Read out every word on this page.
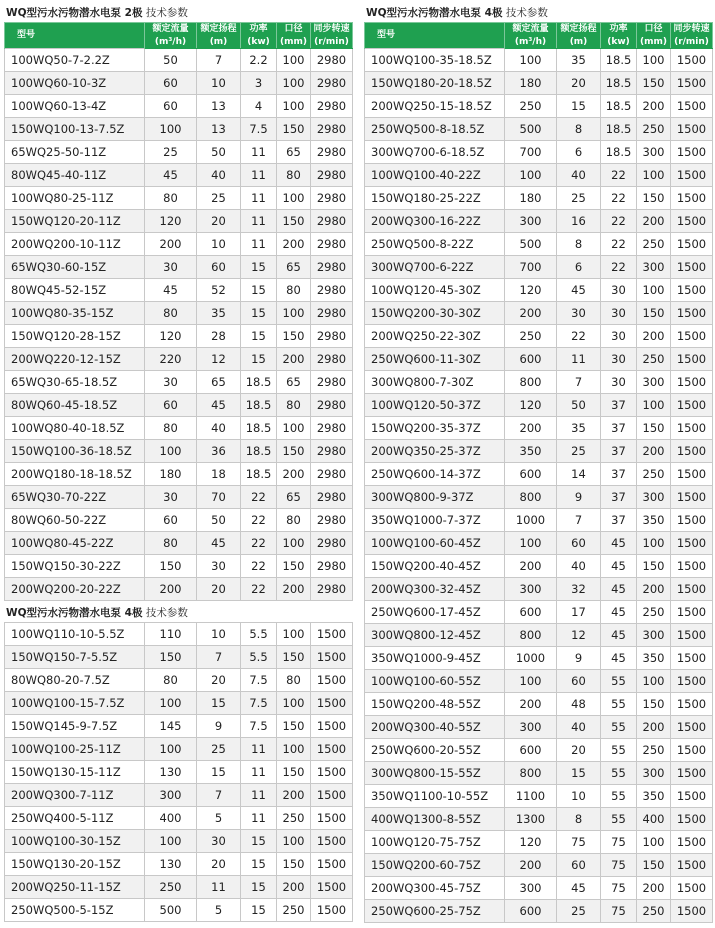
WQ型污水污物潜水电泵 2极 技术参数
型号	额定流量	额定扬程	功率	口径	同步转速
	(m³/h)	(m)	(kw)	(mm)	(r/min)
100WQ50-7-2.2Z	50	7	2.2	100	2980
100WQ60-10-3Z	60	10	3	100	2980
100WQ60-13-4Z	60	13	4	100	2980
150WQ100-13-7.5Z	100	13	7.5	150	2980
65WQ25-50-11Z	25	50	11	65	2980
80WQ45-40-11Z	45	40	11	80	2980
100WQ80-25-11Z	80	25	11	100	2980
150WQ120-20-11Z	120	20	11	150	2980
200WQ200-10-11Z	200	10	11	200	2980
65WQ30-60-15Z	30	60	15	65	2980
80WQ45-52-15Z	45	52	15	80	2980
100WQ80-35-15Z	80	35	15	100	2980
150WQ120-28-15Z	120	28	15	150	2980
200WQ220-12-15Z	220	12	15	200	2980
65WQ30-65-18.5Z	30	65	18.5	65	2980
80WQ60-45-18.5Z	60	45	18.5	80	2980
100WQ80-40-18.5Z	80	40	18.5	100	2980
150WQ100-36-18.5Z	100	36	18.5	150	2980
200WQ180-18-18.5Z	180	18	18.5	200	2980
65WQ30-70-22Z	30	70	22	65	2980
80WQ60-50-22Z	60	50	22	80	2980
100WQ80-45-22Z	80	45	22	100	2980
150WQ150-30-22Z	150	30	22	150	2980
200WQ200-20-22Z	200	20	22	200	2980
WQ型污水污物潜水电泵 4极 技术参数
100WQ110-10-5.5Z	110	10	5.5	100	1500
150WQ150-7-5.5Z	150	7	5.5	150	1500
80WQ80-20-7.5Z	80	20	7.5	80	1500
100WQ100-15-7.5Z	100	15	7.5	100	1500
150WQ145-9-7.5Z	145	9	7.5	150	1500
100WQ100-25-11Z	100	25	11	100	1500
150WQ130-15-11Z	130	15	11	150	1500
200WQ300-7-11Z	300	7	11	200	1500
250WQ400-5-11Z	400	5	11	250	1500
100WQ100-30-15Z	100	30	15	100	1500
150WQ130-20-15Z	130	20	15	150	1500
200WQ250-11-15Z	250	11	15	200	1500
250WQ500-5-15Z	500	5	15	250	1500
WQ型污水污物潜水电泵 4极 技术参数
型号	额定流量	额定扬程	功率	口径	同步转速
	(m³/h)	(m)	(kw)	(mm)	(r/min)
100WQ100-35-18.5Z	100	35	18.5	100	1500
150WQ180-20-18.5Z	180	20	18.5	150	1500
200WQ250-15-18.5Z	250	15	18.5	200	1500
250WQ500-8-18.5Z	500	8	18.5	250	1500
300WQ700-6-18.5Z	700	6	18.5	300	1500
100WQ100-40-22Z	100	40	22	100	1500
150WQ180-25-22Z	180	25	22	150	1500
200WQ300-16-22Z	300	16	22	200	1500
250WQ500-8-22Z	500	8	22	250	1500
300WQ700-6-22Z	700	6	22	300	1500
100WQ120-45-30Z	120	45	30	100	1500
150WQ200-30-30Z	200	30	30	150	1500
200WQ250-22-30Z	250	22	30	200	1500
250WQ600-11-30Z	600	11	30	250	1500
300WQ800-7-30Z	800	7	30	300	1500
100WQ120-50-37Z	120	50	37	100	1500
150WQ200-35-37Z	200	35	37	150	1500
200WQ350-25-37Z	350	25	37	200	1500
250WQ600-14-37Z	600	14	37	250	1500
300WQ800-9-37Z	800	9	37	300	1500
350WQ1000-7-37Z	1000	7	37	350	1500
100WQ100-60-45Z	100	60	45	100	1500
150WQ200-40-45Z	200	40	45	150	1500
200WQ300-32-45Z	300	32	45	200	1500
250WQ600-17-45Z	600	17	45	250	1500
300WQ800-12-45Z	800	12	45	300	1500
350WQ1000-9-45Z	1000	9	45	350	1500
100WQ100-60-55Z	100	60	55	100	1500
150WQ200-48-55Z	200	48	55	150	1500
200WQ300-40-55Z	300	40	55	200	1500
250WQ600-20-55Z	600	20	55	250	1500
300WQ800-15-55Z	800	15	55	300	1500
350WQ1100-10-55Z	1100	10	55	350	1500
400WQ1300-8-55Z	1300	8	55	400	1500
100WQ120-75-75Z	120	75	75	100	1500
150WQ200-60-75Z	200	60	75	150	1500
200WQ300-45-75Z	300	45	75	200	1500
250WQ600-25-75Z	600	25	75	250	1500
